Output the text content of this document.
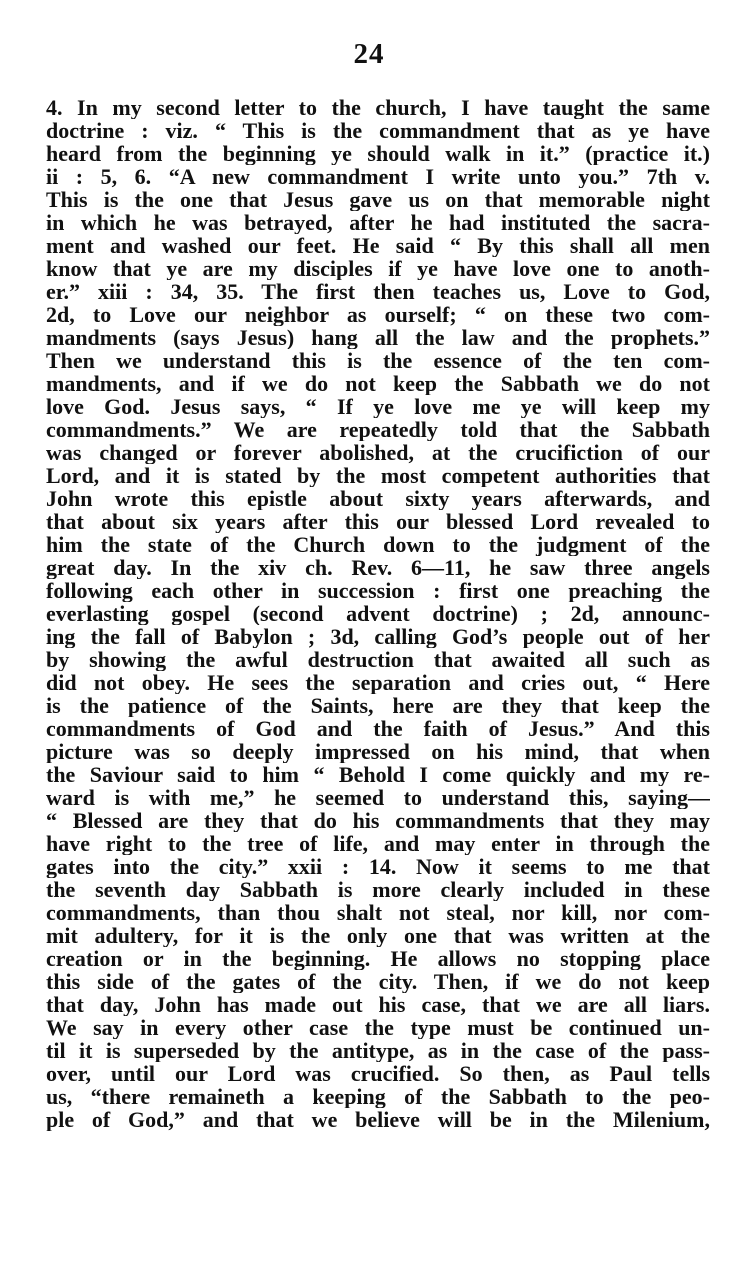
24
4. In my second letter to the church, I have taught the same
doctrine : viz. “ This is the commandment that as ye have
heard from the beginning ye should walk in it.” (practice it.)
ii : 5, 6. “A new commandment I write unto you.” 7th v.
This is the one that Jesus gave us on that memorable night
in which he was betrayed, after he had instituted the sacra-
ment and washed our feet. He said “ By this shall all men
know that ye are my disciples if ye have love one to anoth-
er.” xiii : 34, 35. The first then teaches us, Love to God,
2d, to Love our neighbor as ourself; “ on these two com-
mandments (says Jesus) hang all the law and the prophets.”
Then we understand this is the essence of the ten com-
mandments, and if we do not keep the Sabbath we do not
love God. Jesus says, “ If ye love me ye will keep my
commandments.” We are repeatedly told that the Sabbath
was changed or forever abolished, at the crucifiction of our
Lord, and it is stated by the most competent authorities that
John wrote this epistle about sixty years afterwards, and
that about six years after this our blessed Lord revealed to
him the state of the Church down to the judgment of the
great day. In the xiv ch. Rev. 6—11, he saw three angels
following each other in succession : first one preaching the
everlasting gospel (second advent doctrine) ; 2d, announc-
ing the fall of Babylon ; 3d, calling God’s people out of her
by showing the awful destruction that awaited all such as
did not obey. He sees the separation and cries out, “ Here
is the patience of the Saints, here are they that keep the
commandments of God and the faith of Jesus.” And this
picture was so deeply impressed on his mind, that when
the Saviour said to him “ Behold I come quickly and my re-
ward is with me,” he seemed to understand this, saying—
“ Blessed are they that do his commandments that they may
have right to the tree of life, and may enter in through the
gates into the city.” xxii : 14. Now it seems to me that
the seventh day Sabbath is more clearly included in these
commandments, than thou shalt not steal, nor kill, nor com-
mit adultery, for it is the only one that was written at the
creation or in the beginning. He allows no stopping place
this side of the gates of the city. Then, if we do not keep
that day, John has made out his case, that we are all liars.
We say in every other case the type must be continued un-
til it is superseded by the antitype, as in the case of the pass-
over, until our Lord was crucified. So then, as Paul tells
us, “there remaineth a keeping of the Sabbath to the peo-
ple of God,” and that we believe will be in the Milenium,
